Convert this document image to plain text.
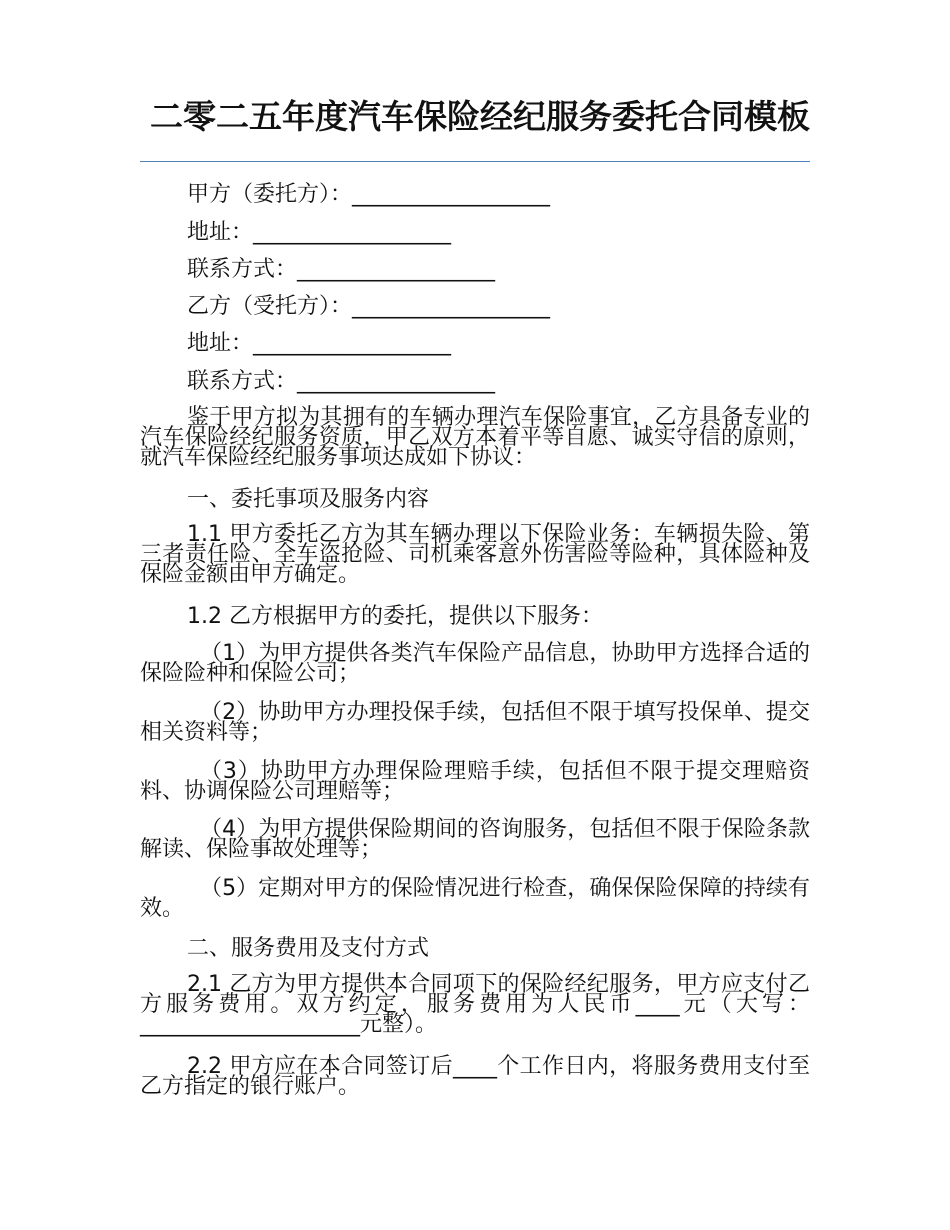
二零二五年度汽车保险经纪服务委托合同模板
甲方（委托方）：__________________
地址：__________________
联系方式：__________________
乙方（受托方）：__________________
地址：__________________
联系方式：__________________
鉴于甲方拟为其拥有的车辆办理汽车保险事宜，乙方具备专业的汽车保险经纪服务资质，甲乙双方本着平等自愿、诚实守信的原则，就汽车保险经纪服务事项达成如下协议：
一、委托事项及服务内容
1.1 甲方委托乙方为其车辆办理以下保险业务：车辆损失险、第三者责任险、全车盗抢险、司机乘客意外伤害险等险种，具体险种及保险金额由甲方确定。
1.2 乙方根据甲方的委托，提供以下服务：
（1）为甲方提供各类汽车保险产品信息，协助甲方选择合适的保险险种和保险公司；
（2）协助甲方办理投保手续，包括但不限于填写投保单、提交相关资料等；
（3）协助甲方办理保险理赔手续，包括但不限于提交理赔资料、协调保险公司理赔等；
（4）为甲方提供保险期间的咨询服务，包括但不限于保险条款解读、保险事故处理等；
（5）定期对甲方的保险情况进行检查，确保保险保障的持续有效。
二、服务费用及支付方式
2.1 乙方为甲方提供本合同项下的保险经纪服务，甲方应支付乙方服务费用。双方约定，服务费用为人民币____元（大写：____________________元整）。
2.2 甲方应在本合同签订后____个工作日内，将服务费用支付至乙方指定的银行账户。
